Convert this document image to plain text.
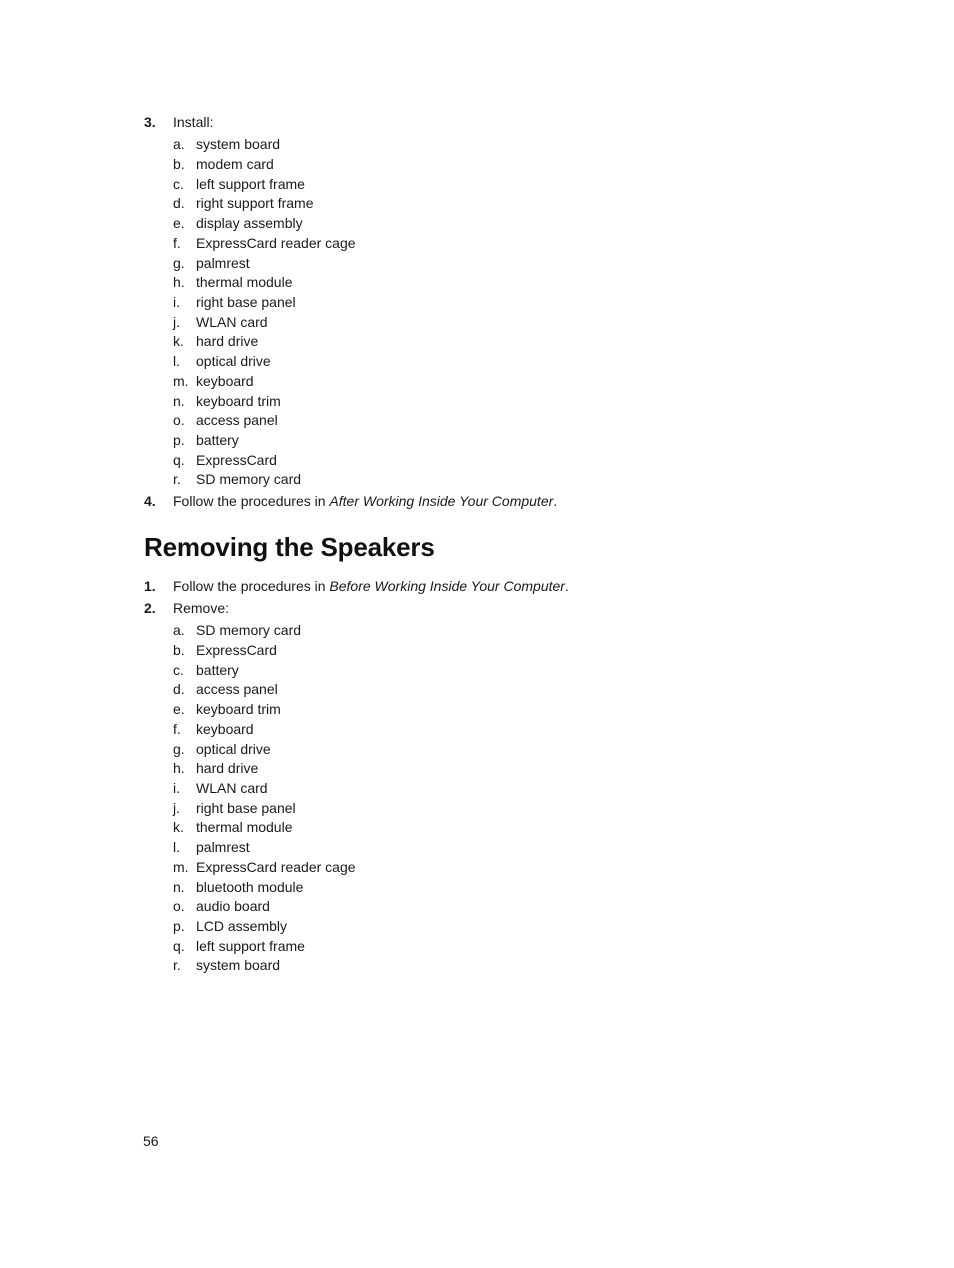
3. Install:
a. system board
b. modem card
c. left support frame
d. right support frame
e. display assembly
f. ExpressCard reader cage
g. palmrest
h. thermal module
i. right base panel
j. WLAN card
k. hard drive
l. optical drive
m. keyboard
n. keyboard trim
o. access panel
p. battery
q. ExpressCard
r. SD memory card
4. Follow the procedures in After Working Inside Your Computer.
Removing the Speakers
1. Follow the procedures in Before Working Inside Your Computer.
2. Remove:
a. SD memory card
b. ExpressCard
c. battery
d. access panel
e. keyboard trim
f. keyboard
g. optical drive
h. hard drive
i. WLAN card
j. right base panel
k. thermal module
l. palmrest
m. ExpressCard reader cage
n. bluetooth module
o. audio board
p. LCD assembly
q. left support frame
r. system board
56
